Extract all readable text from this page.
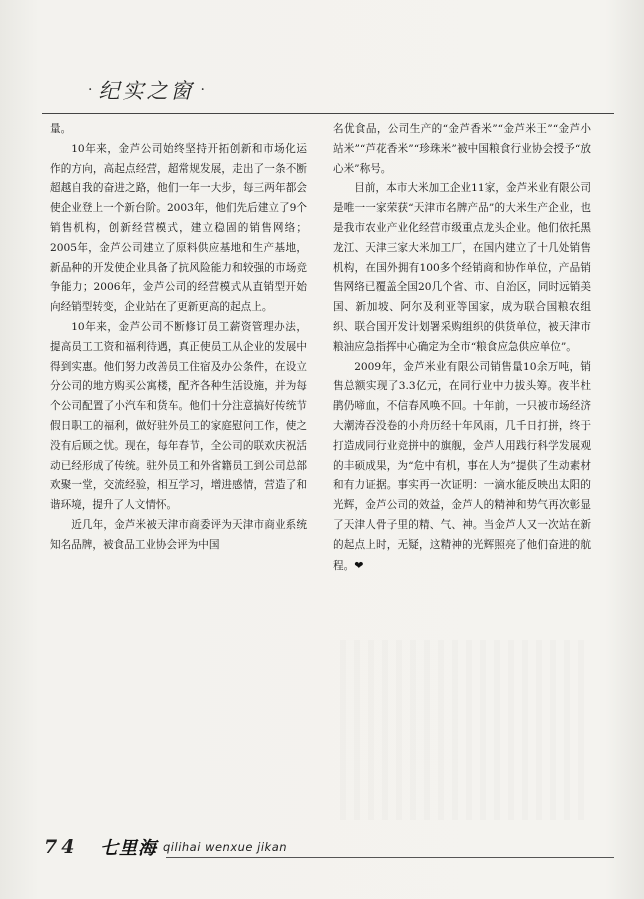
· 纪实之窗 ·

量。

10年来，金芦公司始终坚持开拓创新和市场化运作的方向，高起点经营，超常规发展，走出了一条不断超越自我的奋进之路，他们一年一大步，每三两年都会使企业登上一个新台阶。2003年，他们先后建立了9个销售机构，创新经营模式，建立稳固的销售网络；2005年，金芦公司建立了原料供应基地和生产基地，新品种的开发使企业具备了抗风险能力和较强的市场竞争能力；2006年，金芦公司的经营模式从直销型开始向经销型转变，企业站在了更新更高的起点上。

10年来，金芦公司不断修订员工薪资管理办法，提高员工工资和福利待遇，真正使员工从企业的发展中得到实惠。他们努力改善员工住宿及办公条件，在设立分公司的地方购买公寓楼，配齐各种生活设施，并为每个公司配置了小汽车和货车。他们十分注意搞好传统节假日职工的福利，做好驻外员工的家庭慰问工作，使之没有后顾之忧。现在，每年春节，全公司的联欢庆祝活动已经形成了传统。驻外员工和外省籍员工到公司总部欢聚一堂，交流经验，相互学习，增进感情，营造了和谐环境，提升了人文情怀。

近几年，金芦米被天津市商委评为天津市商业系统知名品牌，被食品工业协会评为中国

名优食品，公司生产的“金芦香米”“金芦米王”“金芦小站米”“芦花香米”“珍珠米”被中国粮食行业协会授予“放心米”称号。

目前，本市大米加工企业11家，金芦米业有限公司是唯一一家荣获“天津市名牌产品”的大米生产企业，也是我市农业产业化经营市级重点龙头企业。他们依托黑龙江、天津三家大米加工厂，在国内建立了十几处销售机构，在国外拥有100多个经销商和协作单位，产品销售网络已覆盖全国20几个省、市、自治区，同时远销美国、新加坡、阿尔及利亚等国家，成为联合国粮农组织、联合国开发计划署采购组织的供货单位，被天津市粮油应急指挥中心确定为全市“粮食应急供应单位”。

2009年，金芦米业有限公司销售量10余万吨，销售总额实现了3.3亿元，在同行业中力拔头筹。夜半杜鹃仍啼血，不信春风唤不回。十年前，一只被市场经济大潮涛吞没卷的小舟历经十年风雨，几千日打拼，终于打造成同行业竞拼中的旗舰，金芦人用践行科学发展观的丰硕成果，为“危中有机，事在人为”提供了生动素材和有力证据。事实再一次证明：一滴水能反映出太阳的光辉，金芦公司的效益，金芦人的精神和势气再次彰显了天津人骨子里的精、气、神。当金芦人又一次站在新的起点上时，无疑，这精神的光辉照亮了他们奋进的航程。❤

74	七里海 qilihai wenxue jikan
